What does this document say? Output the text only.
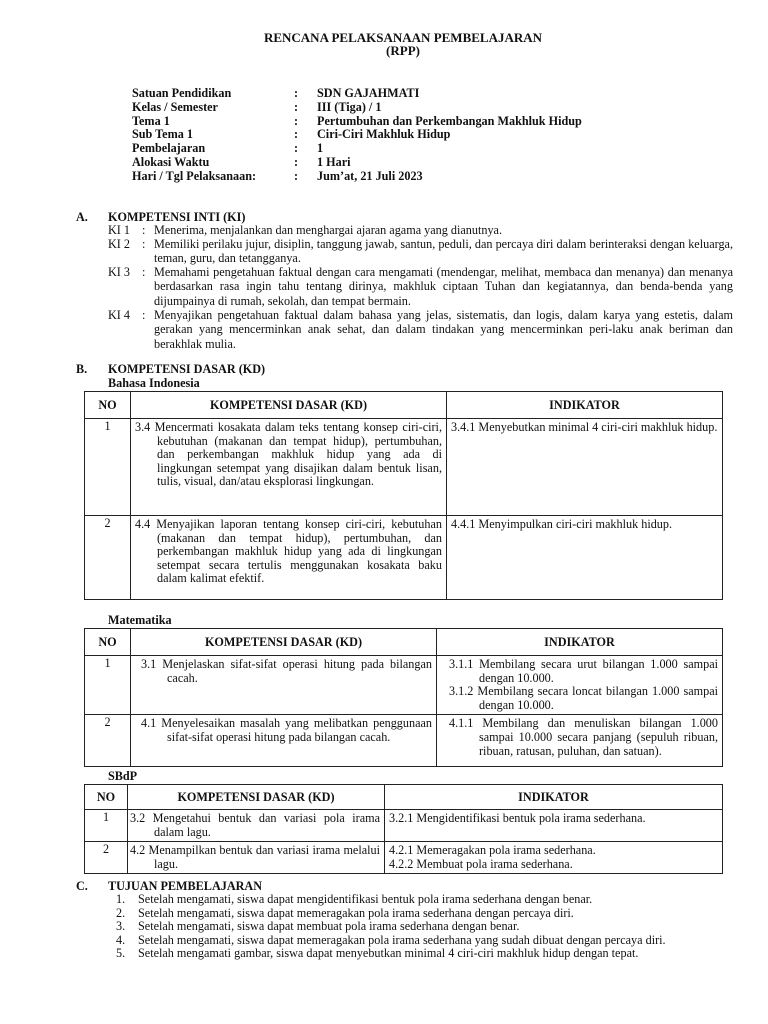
RENCANA PELAKSANAAN PEMBELAJARAN
(RPP)
Satuan Pendidikan	: SDN GAJAHMATI
Kelas / Semester	: III (Tiga) / 1
Tema 1	: Pertumbuhan dan Perkembangan Makhluk Hidup
Sub Tema 1	: Ciri-Ciri Makhluk Hidup
Pembelajaran	: 1
Alokasi Waktu	: 1 Hari
Hari / Tgl Pelaksanaan:	: Jum’at, 21 Juli 2023
A. KOMPETENSI INTI (KI)
KI 1 : Menerima, menjalankan dan menghargai ajaran agama yang dianutnya.
KI 2 : Memiliki perilaku jujur, disiplin, tanggung jawab, santun, peduli, dan percaya diri dalam berinteraksi dengan keluarga, teman, guru, dan tetangganya.
KI 3 : Memahami pengetahuan faktual dengan cara mengamati (mendengar, melihat, membaca dan menanya) dan menanya berdasarkan rasa ingin tahu tentang dirinya, makhluk ciptaan Tuhan dan kegiatannya, dan benda-benda yang dijumpainya di rumah, sekolah, dan tempat bermain.
KI 4 : Menyajikan pengetahuan faktual dalam bahasa yang jelas, sistematis, dan logis, dalam karya yang estetis, dalam gerakan yang mencerminkan anak sehat, dan dalam tindakan yang mencerminkan peri-laku anak beriman dan berakhlak mulia.
B. KOMPETENSI DASAR (KD)
Bahasa Indonesia
NO	KOMPETENSI DASAR (KD)	INDIKATOR
1	3.4 Mencermati kosakata dalam teks tentang konsep ciri-ciri, kebutuhan (makanan dan tempat hidup), pertumbuhan, dan perkembangan makhluk hidup yang ada di lingkungan setempat yang disajikan dalam bentuk lisan, tulis, visual, dan/atau eksplorasi lingkungan.	3.4.1 Menyebutkan minimal 4 ciri-ciri makhluk hidup.

2	4.4 Menyajikan laporan tentang konsep ciri-ciri, kebutuhan (makanan dan tempat hidup), pertumbuhan, dan perkembangan makhluk hidup yang ada di lingkungan setempat secara tertulis menggunakan kosakata baku dalam kalimat efektif.	4.4.1 Menyimpulkan ciri-ciri makhluk hidup.
Matematika
NO	KOMPETENSI DASAR (KD)	INDIKATOR
1	3.1 Menjelaskan sifat-sifat operasi hitung pada bilangan cacah.	3.1.1 Membilang secara urut bilangan 1.000 sampai dengan 10.000.
3.1.2 Membilang secara loncat bilangan 1.000 sampai dengan 10.000.

2	4.1 Menyelesaikan masalah yang melibatkan penggunaan sifat-sifat operasi hitung pada bilangan cacah.	4.1.1 Membilang dan menuliskan bilangan 1.000 sampai 10.000 secara panjang (sepuluh ribuan, ribuan, ratusan, puluhan, dan satuan).
SBdP
NO	KOMPETENSI DASAR (KD)	INDIKATOR
1	3.2 Mengetahui bentuk dan variasi pola irama dalam lagu.	3.2.1 Mengidentifikasi bentuk pola irama sederhana.

2	4.2 Menampilkan bentuk dan variasi irama melalui lagu.	4.2.1 Memeragakan pola irama sederhana.
4.2.2 Membuat pola irama sederhana.
C. TUJUAN PEMBELAJARAN
1. Setelah mengamati, siswa dapat mengidentifikasi bentuk pola irama sederhana dengan benar.
2. Setelah mengamati, siswa dapat memeragakan pola irama sederhana dengan percaya diri.
3. Setelah mengamati, siswa dapat membuat pola irama sederhana dengan benar.
4. Setelah mengamati, siswa dapat memeragakan pola irama sederhana yang sudah dibuat dengan percaya diri.
5. Setelah mengamati gambar, siswa dapat menyebutkan minimal 4 ciri-ciri makhluk hidup dengan tepat.
